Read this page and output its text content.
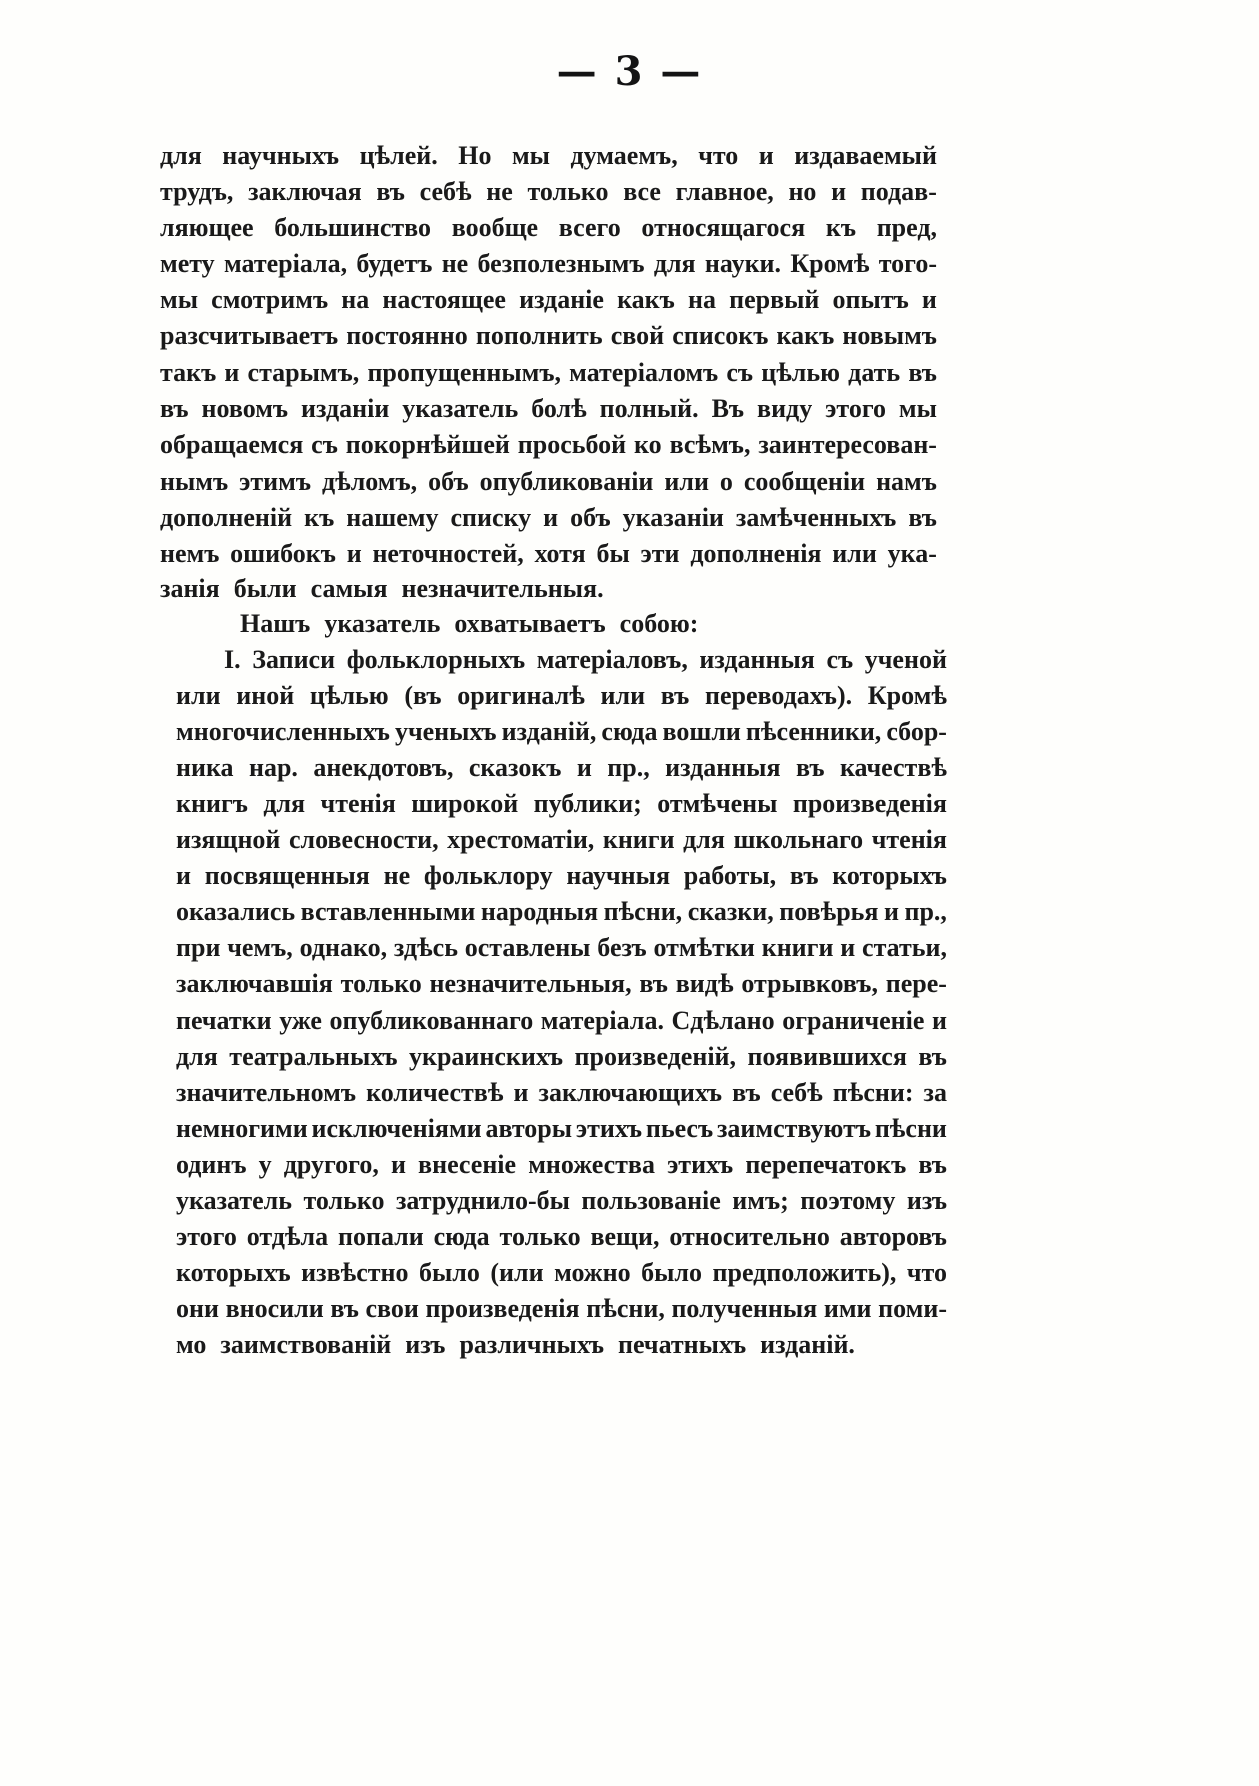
— 3 —
для научныхъ цѣлей. Но мы думаемъ, что и издаваемый
трудъ, заключая въ себѣ не только все главное, но и подав-
ляющее большинство вообще всего относящагося къ пред,
мету матеріала, будетъ не безполезнымъ для науки. Кромѣ того-
мы смотримъ на настоящее изданіе какъ на первый опытъ и
разсчитываетъ постоянно пополнить свой списокъ какъ новымъ
такъ и старымъ, пропущеннымъ, матеріаломъ съ цѣлью дать въ
въ новомъ изданіи указатель болѣ полный. Въ виду этого мы
обращаемся съ покорнѣйшей просьбой ко всѣмъ, заинтересован-
нымъ этимъ дѣломъ, объ опубликованіи или о сообщеніи намъ
дополненій къ нашему списку и объ указаніи замѣченныхъ въ
немъ ошибокъ и неточностей, хотя бы эти дополненія или ука-
занія были самыя незначительныя.
Нашъ указатель охватываетъ собою:
I. Записи фольклорныхъ матеріаловъ, изданныя съ ученой
или иной цѣлью (въ оригиналѣ или въ переводахъ). Кромѣ
многочисленныхъ ученыхъ изданій, сюда вошли пѣсенники, сбор-
ника нар. анекдотовъ, сказокъ и пр., изданныя въ качествѣ
книгъ для чтенія широкой публики; отмѣчены произведенія
изящной словесности, хрестоматіи, книги для школьнаго чтенія
и посвященныя не фольклору научныя работы, въ которыхъ
оказались вставленными народныя пѣсни, сказки, повѣрья и пр.,
при чемъ, однако, здѣсь оставлены безъ отмѣтки книги и статьи,
заключавшія только незначительныя, въ видѣ отрывковъ, пере-
печатки уже опубликованнаго матеріала. Сдѣлано ограниченіе и
для театральныхъ украинскихъ произведеній, появившихся въ
значительномъ количествѣ и заключающихъ въ себѣ пѣсни: за
немногими исключеніями авторы этихъ пьесъ заимствуютъ пѣсни
одинъ у другого, и внесеніе множества этихъ перепечатокъ въ
указатель только затруднило-бы пользованіе имъ; поэтому изъ
этого отдѣла попали сюда только вещи, относительно авторовъ
которыхъ извѣстно было (или можно было предположить), что
они вносили въ свои произведенія пѣсни, полученныя ими поми-
мо заимствованій изъ различныхъ печатныхъ изданій.
